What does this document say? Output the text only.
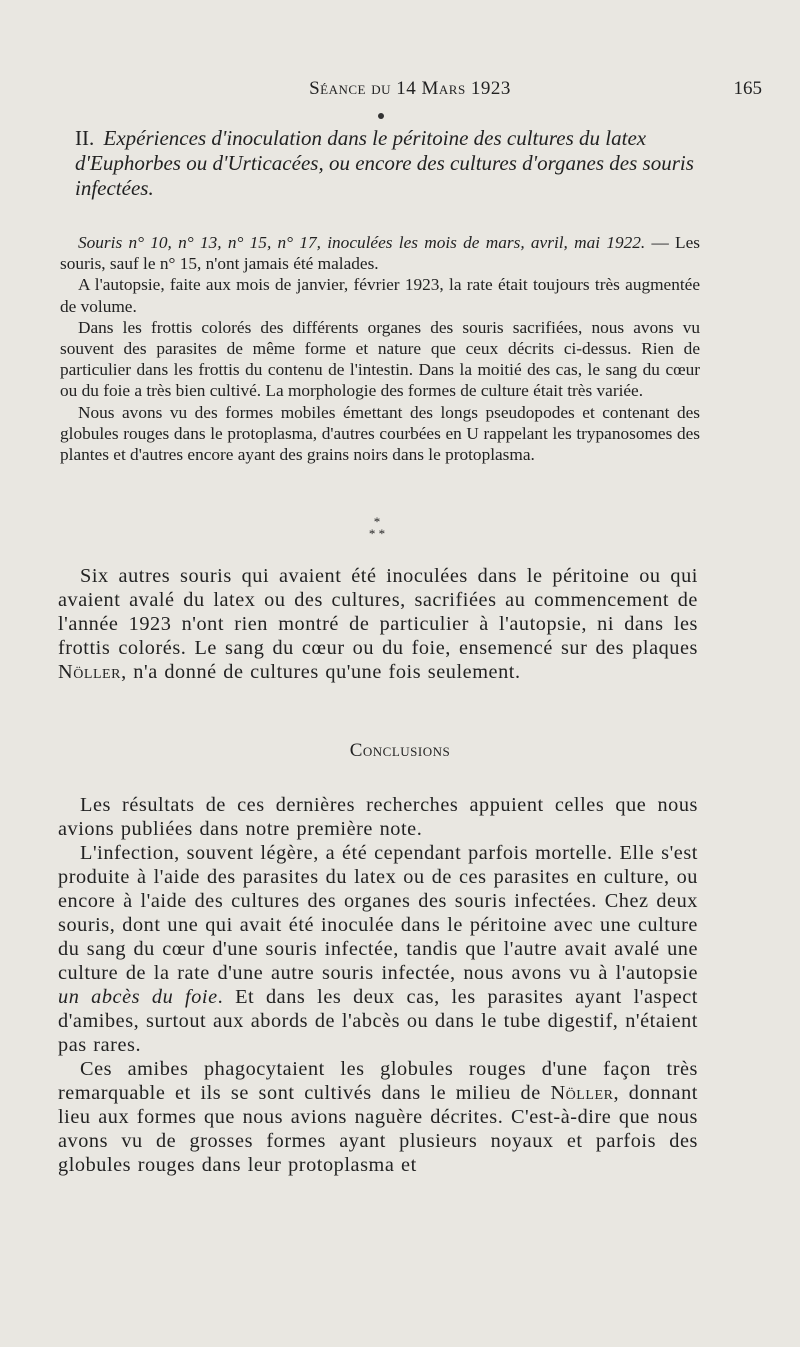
Séance du 14 Mars 1923	165
II. Expériences d'inoculation dans le péritoine des cultures du latex d'Euphorbes ou d'Urticacées, ou encore des cultures d'organes des souris infectées.

Souris n° 10, n° 13, n° 15, n° 17, inoculées les mois de mars, avril, mai 1922. — Les souris, sauf le n° 15, n'ont jamais été malades.

A l'autopsie, faite aux mois de janvier, février 1923, la rate était toujours très augmentée de volume.

Dans les frottis colorés des différents organes des souris sacrifiées, nous avons vu souvent des parasites de même forme et nature que ceux décrits ci-dessus. Rien de particulier dans les frottis du contenu de l'intestin. Dans la moitié des cas, le sang du cœur ou du foie a très bien cultivé. La morphologie des formes de culture était très variée.

Nous avons vu des formes mobiles émettant des longs pseudopodes et contenant des globules rouges dans le protoplasma, d'autres courbées en U rappelant les trypanosomes des plantes et d'autres encore ayant des grains noirs dans le protoplasma.

*
* *

Six autres souris qui avaient été inoculées dans le péritoine ou qui avaient avalé du latex ou des cultures, sacrifiées au commencement de l'année 1923 n'ont rien montré de particulier à l'autopsie, ni dans les frottis colorés. Le sang du cœur ou du foie, ensemencé sur des plaques Nöller, n'a donné de cultures qu'une fois seulement.

Conclusions

Les résultats de ces dernières recherches appuient celles que nous avions publiées dans notre première note.

L'infection, souvent légère, a été cependant parfois mortelle. Elle s'est produite à l'aide des parasites du latex ou de ces parasites en culture, ou encore à l'aide des cultures des organes des souris infectées. Chez deux souris, dont une qui avait été inoculée dans le péritoine avec une culture du sang du cœur d'une souris infectée, tandis que l'autre avait avalé une culture de la rate d'une autre souris infectée, nous avons vu à l'autopsie un abcès du foie. Et dans les deux cas, les parasites ayant l'aspect d'amibes, surtout aux abords de l'abcès ou dans le tube digestif, n'étaient pas rares.

Ces amibes phagocytaient les globules rouges d'une façon très remarquable et ils se sont cultivés dans le milieu de Nöller, donnant lieu aux formes que nous avions naguère décrites. C'est-à-dire que nous avons vu de grosses formes ayant plusieurs noyaux et parfois des globules rouges dans leur protoplasma et
